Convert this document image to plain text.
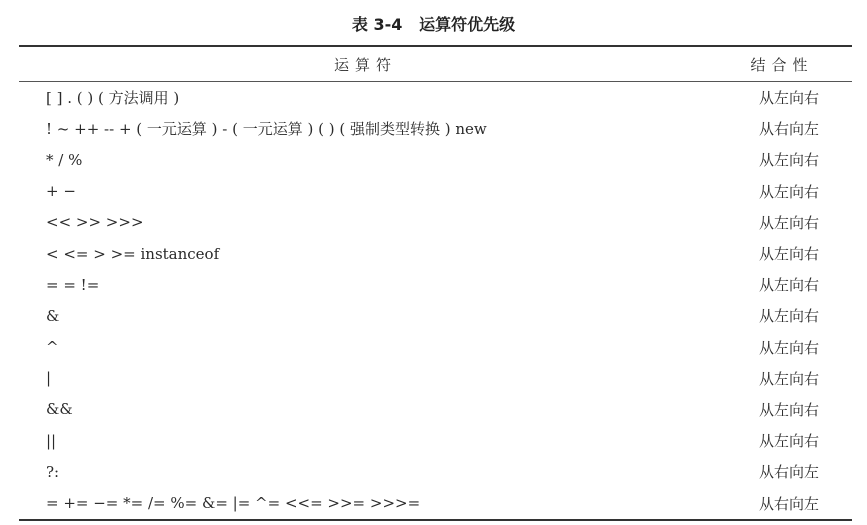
表 3-4   运算符优先级
运算符	结合性
[ ] . ( ) ( 方法调用 )	从左向右
! ~ ++ -- + ( 一元运算 ) - ( 一元运算 ) ( ) ( 强制类型转换 ) new	从右向左
* / %	从左向右
+ −	从左向右
<< >> >>>	从左向右
< <= > >= instanceof	从左向右
= = !=	从左向右
&	从左向右
^	从左向右
|	从左向右
&&	从左向右
||	从左向右
?:	从右向左
= += −= *= /= %= &= |= ^= <<= >>= >>>=	从右向左
